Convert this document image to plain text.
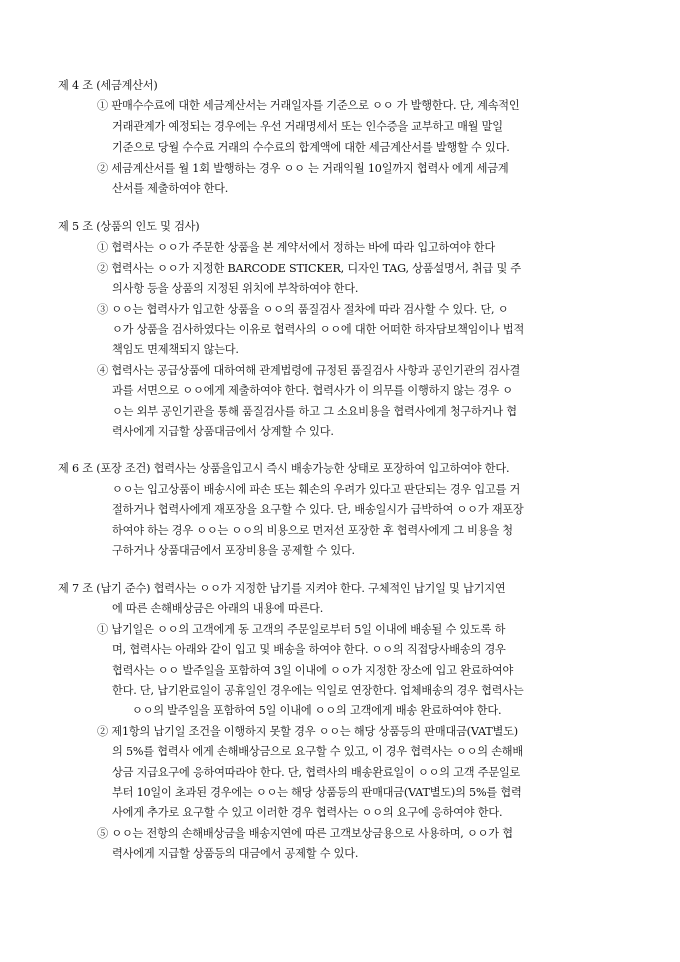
제 4 조 (세금계산서)
① 판매수수료에 대한 세금계산서는 거래일자를 기준으로 ㅇㅇ 가 발행한다. 단, 계속적인
거래관계가 예정되는 경우에는 우선 거래명세서 또는 인수증을 교부하고 매월 말일
기준으로 당월 수수료 거래의 수수료의 합계액에 대한 세금계산서를 발행할 수 있다.
② 세금계산서를 월 1회 발행하는 경우 ㅇㅇ 는 거래익월 10일까지 협력사 에게 세금계
산서를 제출하여야 한다.
제 5 조 (상품의 인도 및 검사)
① 협력사는 ㅇㅇ가 주문한 상품을 본 계약서에서 정하는 바에 따라 입고하여야 한다
② 협력사는 ㅇㅇ가 지정한 BARCODE STICKER, 디자인 TAG, 상품설명서, 취급 및 주
의사항 등을 상품의 지정된 위치에 부착하여야 한다.
③ ㅇㅇ는 협력사가 입고한 상품을 ㅇㅇ의 품질검사 절차에 따라 검사할 수 있다. 단, ㅇ
ㅇ가 상품을 검사하였다는 이유로 협력사의 ㅇㅇ에 대한 어떠한 하자담보책임이나 법적
책임도 면제책되지 않는다.
④ 협력사는 공급상품에 대하여해 관계법령에 규정된 품질검사 사항과 공인기관의 검사결
과를 서면으로 ㅇㅇ에게 제출하여야 한다. 협력사가 이 의무를 이행하지 않는 경우 ㅇ
ㅇ는 외부 공인기관을 통해 품질검사를 하고 그 소요비용을 협력사에게 청구하거나 협
력사에게 지급할 상품대금에서 상계할 수 있다.
제 6 조 (포장 조건) 협력사는 상품을입고시 즉시 배송가능한 상태로 포장하여 입고하여야 한다.
ㅇㅇ는 입고상품이 배송시에 파손 또는 훼손의 우려가 있다고 판단되는 경우 입고를 거
절하거나 협력사에게 재포장을 요구할 수 있다. 단, 배송일시가 급박하여 ㅇㅇ가 재포장
하여야 하는 경우 ㅇㅇ는 ㅇㅇ의 비용으로 먼저선 포장한 후 협력사에게 그 비용을 청
구하거나 상품대금에서 포장비용을 공제할 수 있다.
제 7 조 (납기 준수) 협력사는 ㅇㅇ가 지정한 납기를 지켜야 한다. 구체적인 납기일 및 납기지연
에 따른 손해배상금은 아래의 내용에 따른다.
① 납기일은 ㅇㅇ의 고객에게 동 고객의 주문일로부터 5일 이내에 배송될 수 있도록 하
며, 협력사는 아래와 같이 입고 및 배송을 하여야 한다. ㅇㅇ의 직접당사배송의 경우
협력사는 ㅇㅇ 발주일을 포함하여 3일 이내에 ㅇㅇ가 지정한 장소에 입고 완료하여야
한다. 단, 납기완료일이 공휴일인 경우에는 익일로 연장한다. 업체배송의 경우 협력사는
ㅇㅇ의 발주일을 포함하여 5일 이내에 ㅇㅇ의 고객에게 배송 완료하여야 한다.
② 제1항의 납기일 조건을 이행하지 못할 경우 ㅇㅇ는 해당 상품등의 판매대금(VAT별도)
의 5%를 협력사 에게 손해배상금으로 요구할 수 있고, 이 경우 협력사는 ㅇㅇ의 손해배
상금 지급요구에 응하여따라야 한다. 단, 협력사의 배송완료일이 ㅇㅇ의 고객 주문일로
부터 10일이 초과된 경우에는 ㅇㅇ는 해당 상품등의 판매대금(VAT별도)의 5%를 협력
사에게 추가로 요구할 수 있고 이러한 경우 협력사는 ㅇㅇ의 요구에 응하여야 한다.
⑤ ㅇㅇ는 전항의 손해배상금을 배송지연에 따른 고객보상금용으로 사용하며, ㅇㅇ가 협
력사에게 지급할 상품등의 대금에서 공제할 수 있다.
